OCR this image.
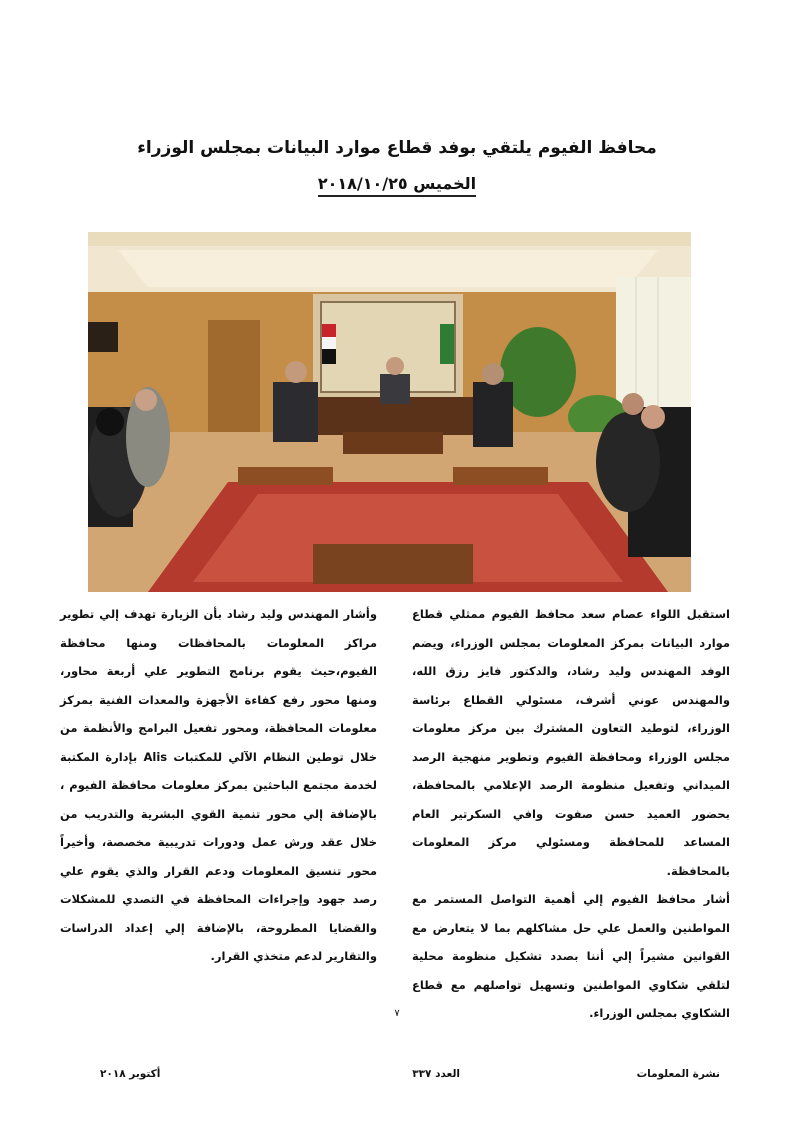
محافظ الفيوم يلتقي بوفد قطاع موارد البيانات بمجلس الوزراء
الخميس ٢٠١٨/١٠/٢٥

استقبل اللواء عصام سعد محافظ الفيوم ممثلي قطاع موارد البيانات بمركز المعلومات بمجلس الوزراء، ويضم الوفد المهندس وليد رشاد، والدكتور فايز رزق الله، والمهندس عوني أشرف، مسئولي القطاع برئاسة الوزراء، لتوطيد التعاون المشترك بين مركز معلومات مجلس الوزراء ومحافظة الفيوم وتطوير منهجية الرصد الميداني وتفعيل منظومة الرصد الإعلامي بالمحافظة، بحضور العميد حسن صفوت وافي السكرتير العام المساعد للمحافظة ومسئولي مركز المعلومات بالمحافظة.

أشار محافظ الفيوم إلي أهمية التواصل المستمر مع المواطنين والعمل علي حل مشاكلهم بما لا يتعارض مع القوانين مشيراً إلي أننا بصدد تشكيل منظومة محلية لتلقي شكاوي المواطنين وتسهيل تواصلهم مع قطاع الشكاوي بمجلس الوزراء.

وأشار المهندس وليد رشاد بأن الزيارة تهدف إلي تطوير مراكز المعلومات بالمحافظات ومنها محافظة الفيوم،حيث يقوم برنامج التطوير علي أربعة محاور، ومنها محور رفع كفاءة الأجهزة والمعدات الفنية بمركز معلومات المحافظة، ومحور تفعيل البرامج والأنظمة من خلال توطين النظام الآلي للمكتبات Alis بإدارة المكتبة لخدمة مجتمع الباحثين بمركز معلومات محافظة الفيوم ، بالإضافة إلي محور تنمية القوي البشرية والتدريب من خلال عقد ورش عمل ودورات تدريبية مخصصة، وأخيراً محور تنسيق المعلومات ودعم القرار والذي يقوم علي رصد جهود وإجراءات المحافظة في التصدي للمشكلات والقضايا المطروحة، بالإضافة إلي إعداد الدراسات والتقارير لدعم متخذي القرار.

٧
نشرة المعلومات
العدد ٣٣٧
أكتوبر ٢٠١٨
